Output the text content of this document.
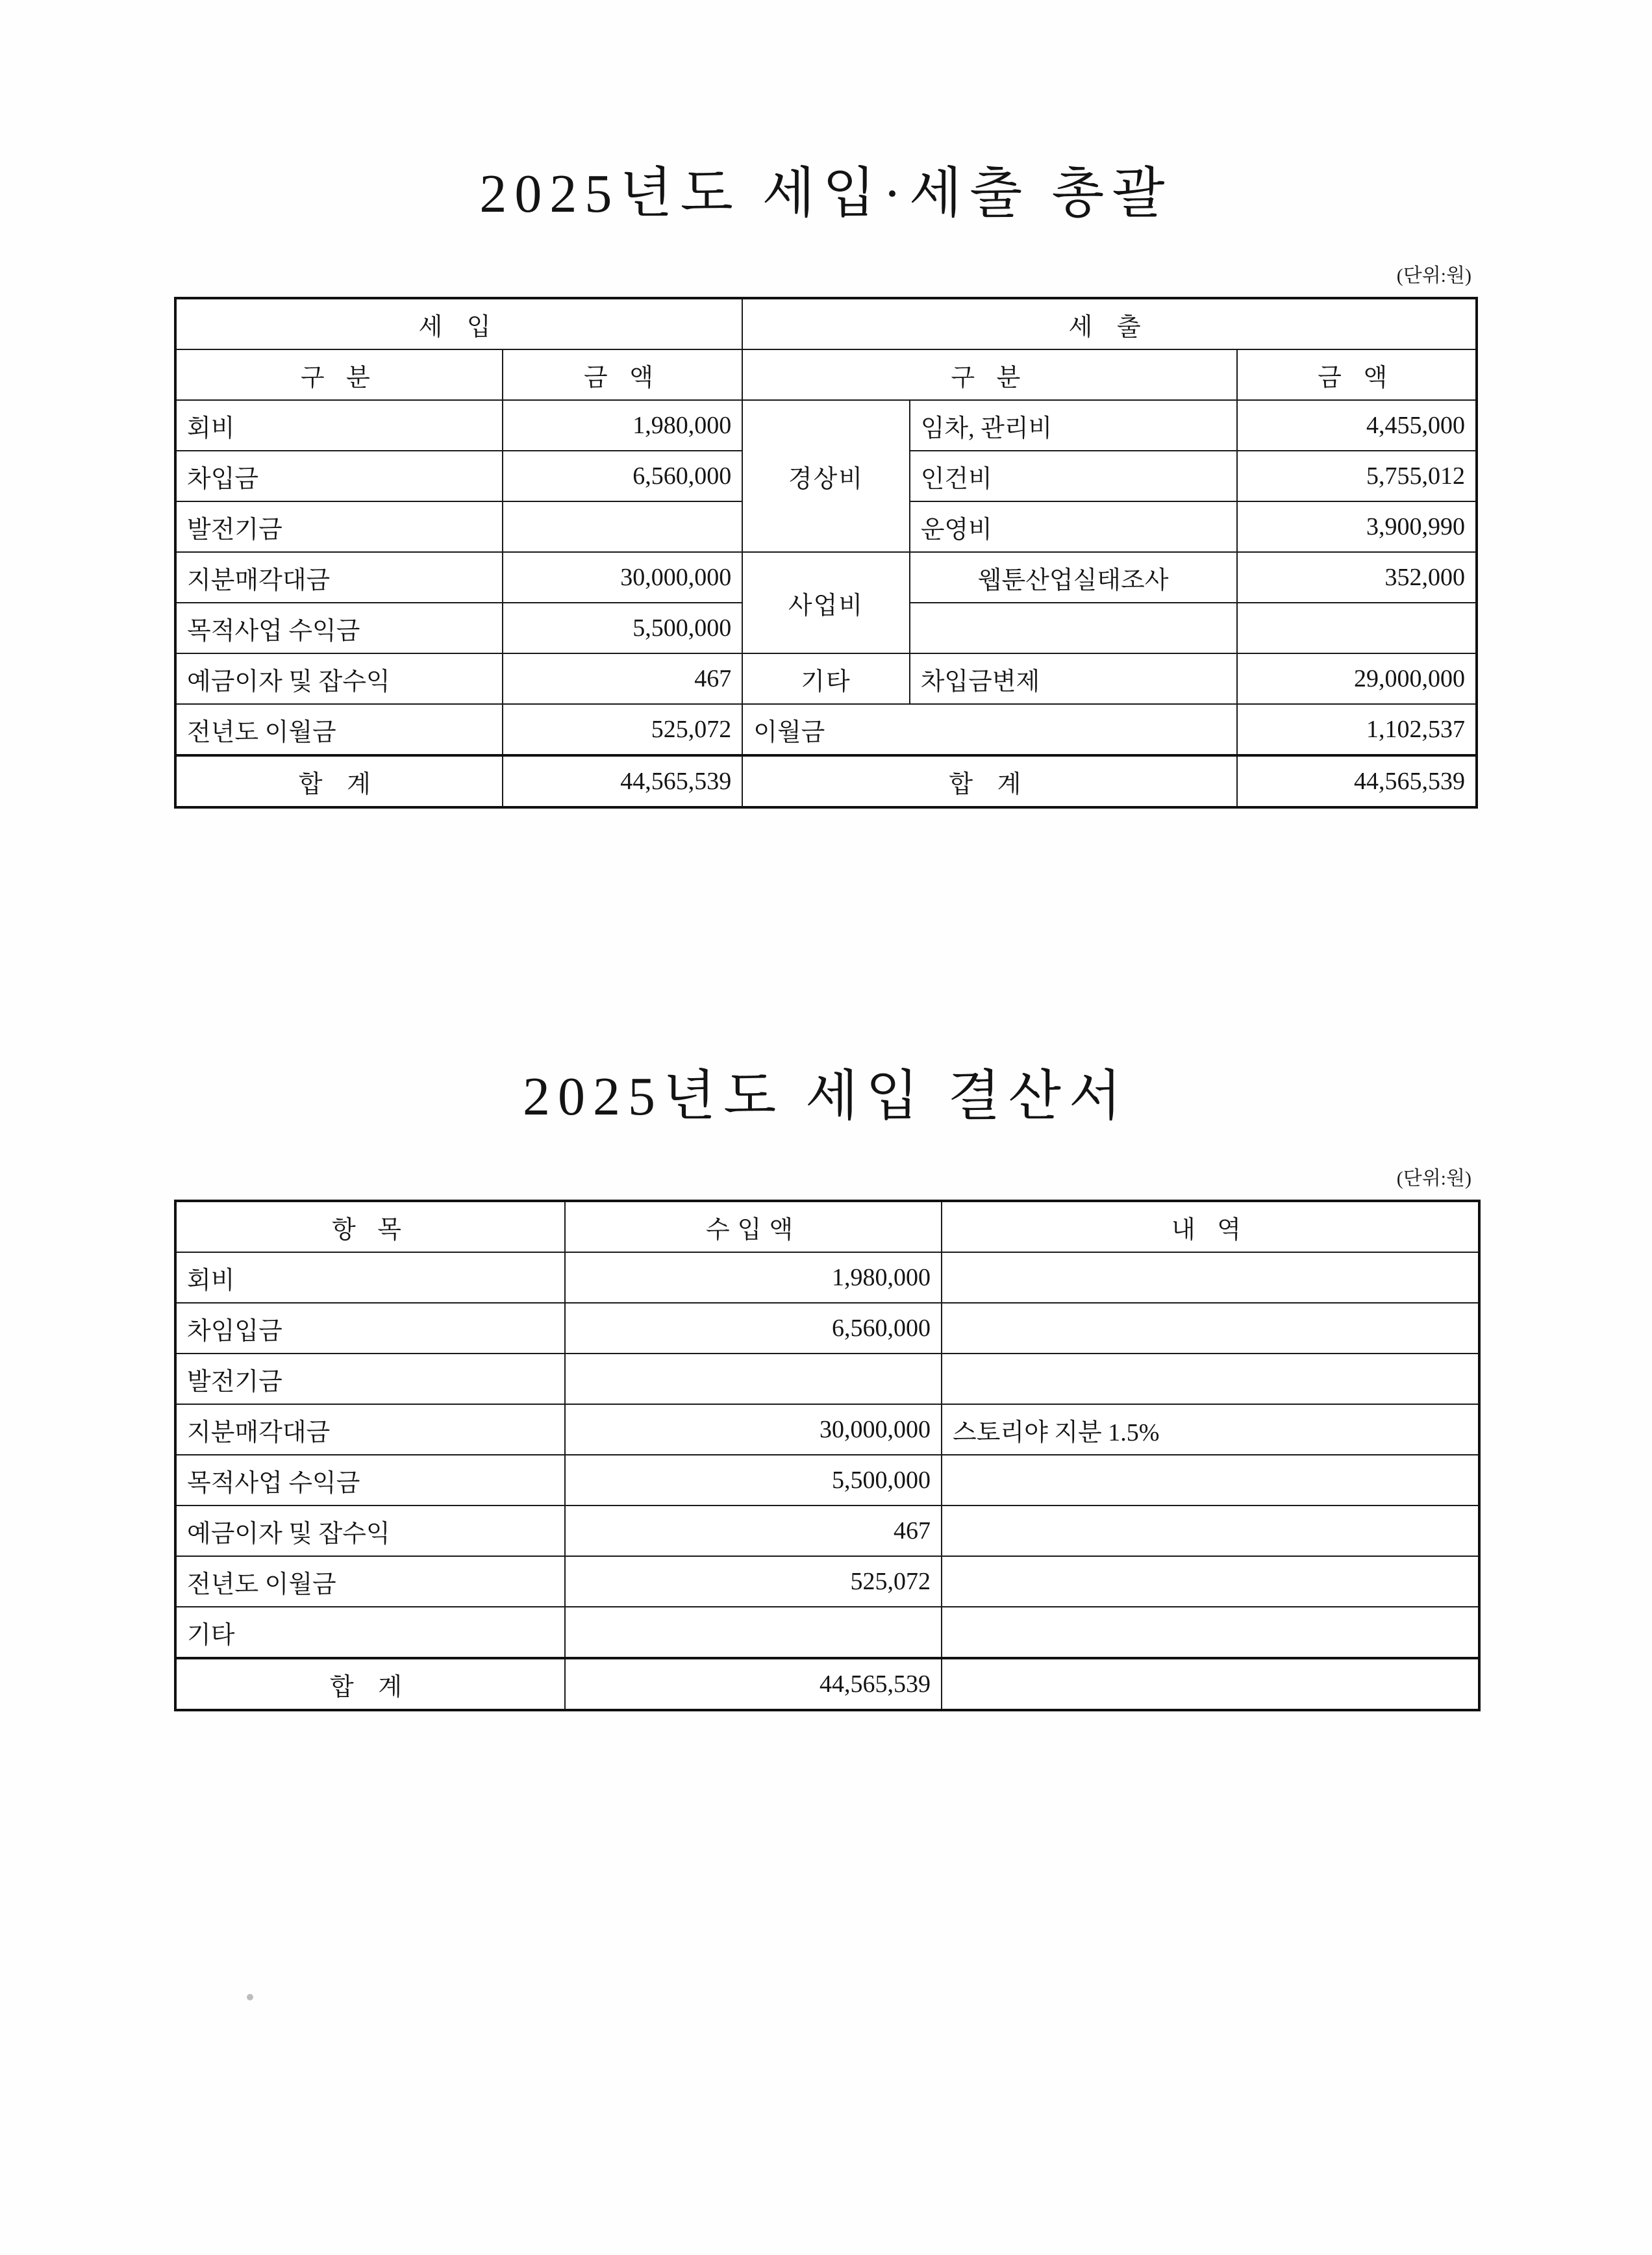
2025년도 세입·세출 총괄
(단위:원)
세 입		세 출		
구 분	금 액	구 분		금 액
회비	1,980,000	경상비	임차, 관리비	4,455,000
차입금	6,560,000		인건비	5,755,012
발전기금			운영비	3,900,990
지분매각대금	30,000,000	사업비	웹툰산업실태조사	352,000
목적사업 수익금	5,500,000			
예금이자 및 잡수익	467	기타	차입금변제	29,000,000
전년도 이월금	525,072	이월금		1,102,537
합 계	44,565,539	합 계		44,565,539
2025년도 세입 결산서
(단위:원)
항 목	수입액	내 역
회비	1,980,000	
차임입금	6,560,000	
발전기금		
지분매각대금	30,000,000	스토리야 지분 1.5%
목적사업 수익금	5,500,000	
예금이자 및 잡수익	467	
전년도 이월금	525,072	
기타		
합 계	44,565,539	
